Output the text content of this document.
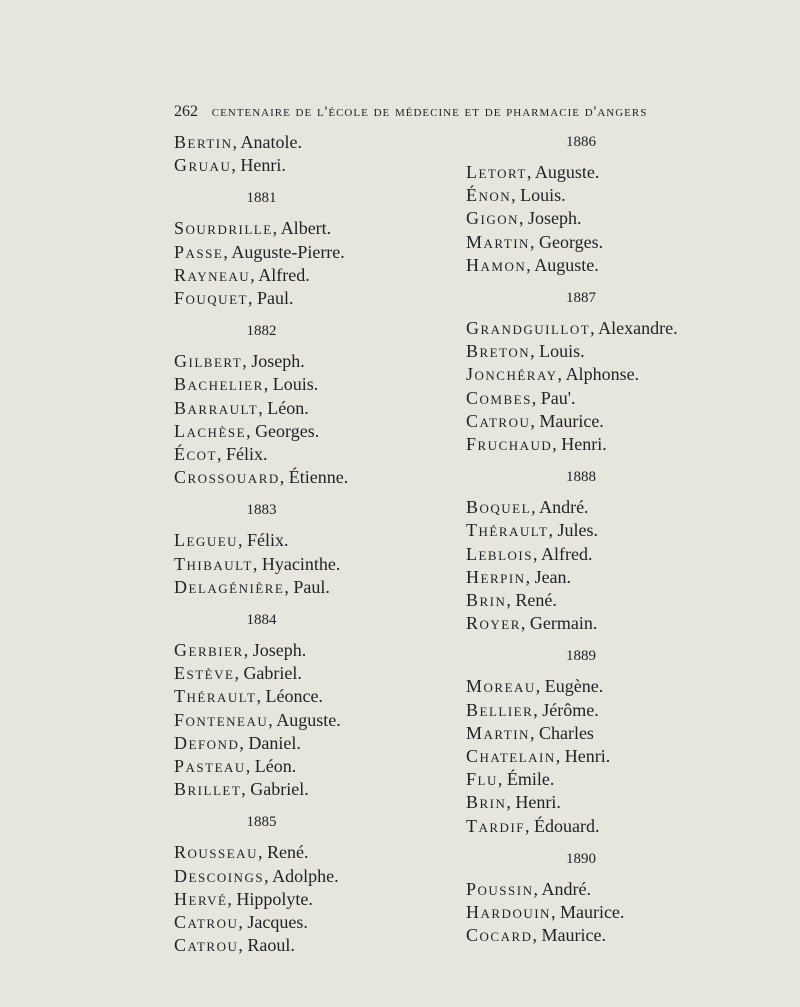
262 centenaire de l'école de médecine et de pharmacie d'angers
Bertin, Anatole.
Gruau, Henri.
1881
Sourdrille, Albert.
Passe, Auguste-Pierre.
Rayneau, Alfred.
Fouquet, Paul.
1882
Gilbert, Joseph.
Bachelier, Louis.
Barrault, Léon.
Lachèse, Georges.
Écot, Félix.
Crossouard, Étienne.
1883
Legueu, Félix.
Thibault, Hyacinthe.
Delagénière, Paul.
1884
Gerbier, Joseph.
Estève, Gabriel.
Thérault, Léonce.
Fonteneau, Auguste.
Defond, Daniel.
Pasteau, Léon.
Brillet, Gabriel.
1885
Rousseau, René.
Descoings, Adolphe.
Hervé, Hippolyte.
Catrou, Jacques.
Catrou, Raoul.
1886
Letort, Auguste.
Énon, Louis.
Gigon, Joseph.
Martin, Georges.
Hamon, Auguste.
1887
Grandguillot, Alexandre.
Breton, Louis.
Jonchéray, Alphonse.
Combes, Pau'.
Catrou, Maurice.
Fruchaud, Henri.
1888
Boquel, André.
Thérault, Jules.
Leblois, Alfred.
Herpin, Jean.
Brin, René.
Royer, Germain.
1889
Moreau, Eugène.
Bellier, Jérôme.
Martin, Charles
Chatelain, Henri.
Flu, Émile.
Brin, Henri.
Tardif, Édouard.
1890
Poussin, André.
Hardouin, Maurice.
Cocard, Maurice.
